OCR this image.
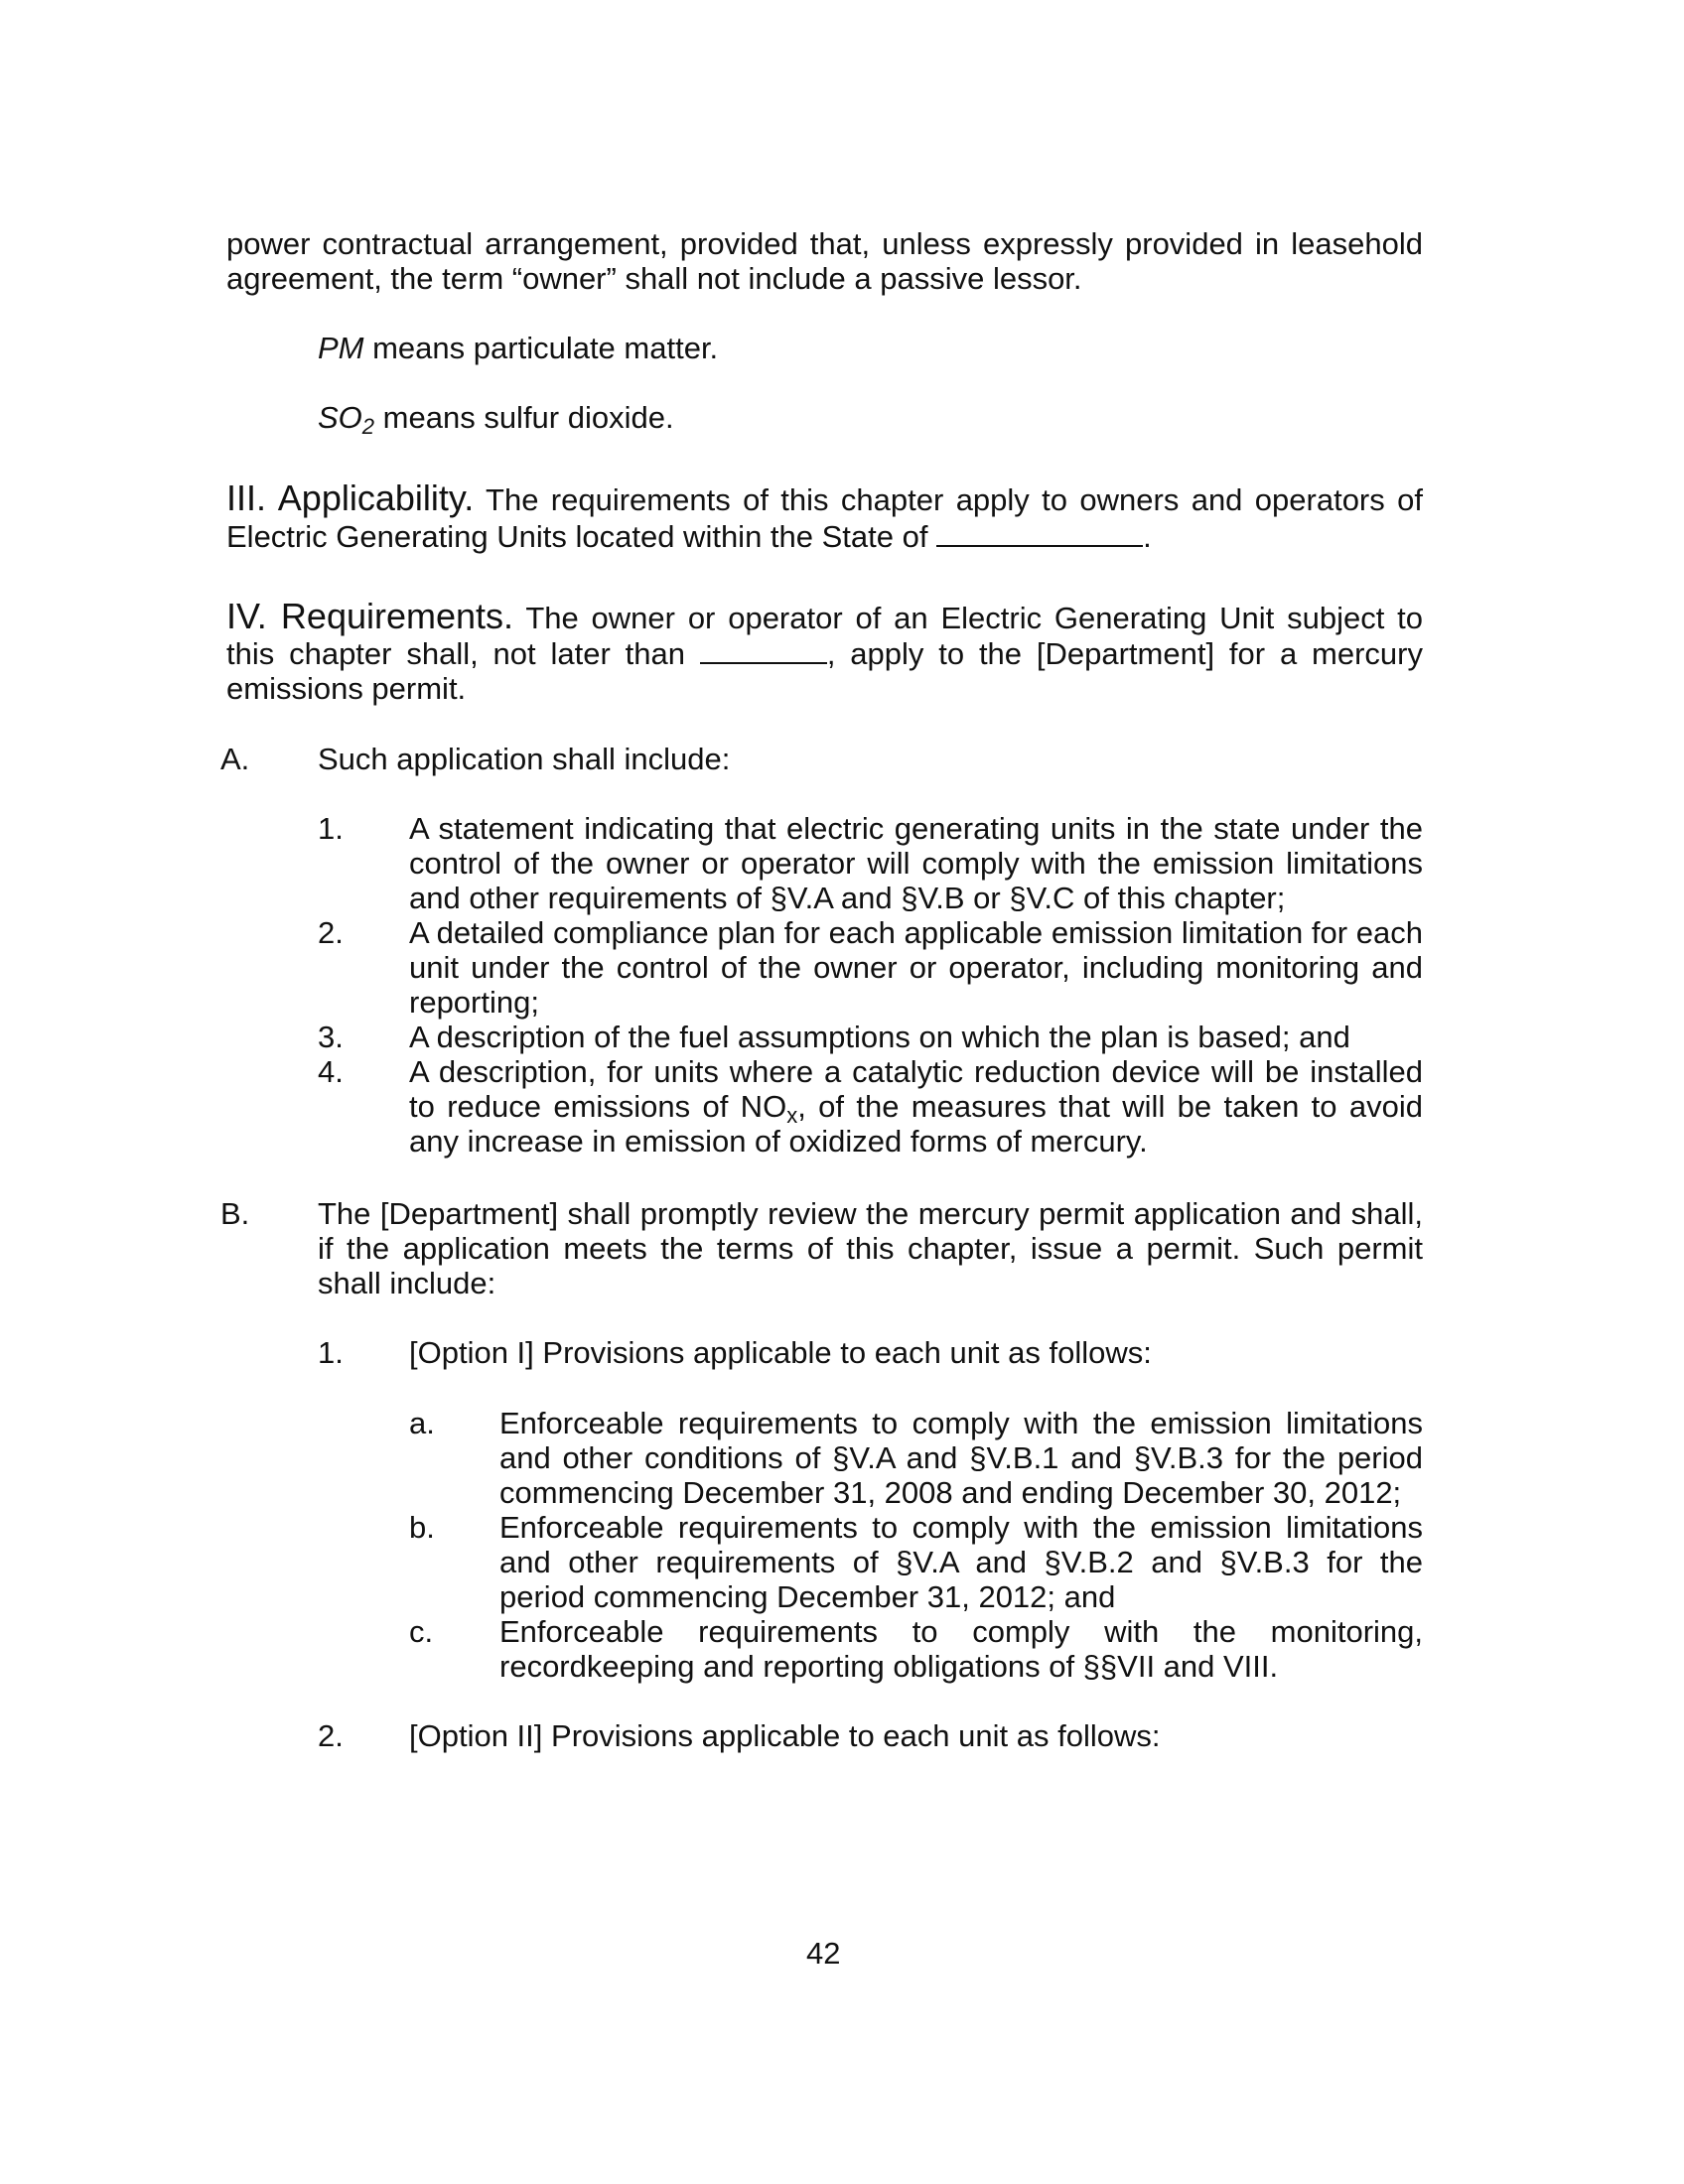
power contractual arrangement, provided that, unless expressly provided in leasehold
agreement, the term “owner” shall not include a passive lessor.
PM means particulate matter.
$SO_2$ means sulfur dioxide.
III. Applicability. The requirements of this chapter apply to owners and operators of
Electric Generating Units located within the State of	.
IV. Requirements. The owner or operator of an Electric Generating Unit subject to
this chapter shall, not later than	, apply to the [Department] for a mercury
emissions permit.
A. Such application shall include:
1. A statement indicating that electric generating units in the state under the
control of the owner or operator will comply with the emission limitations
and other requirements of §V.A and §V.B or §V.C of this chapter;
2. A detailed compliance plan for each applicable emission limitation for each
unit under the control of the owner or operator, including monitoring and
reporting;
3. A description of the fuel assumptions on which the plan is based; and
4. A description, for units where a catalytic reduction device will be installed
to reduce emissions of $NO_x$, of the measures that will be taken to avoid
any increase in emission of oxidized forms of mercury.
B. The [Department] shall promptly review the mercury permit application and shall,
if the application meets the terms of this chapter, issue a permit. Such permit
shall include:
1. [Option I] Provisions applicable to each unit as follows:
a. Enforceable requirements to comply with the emission limitations
and other conditions of §V.A and §V.B.1 and §V.B.3 for the period
commencing December 31, 2008 and ending December 30, 2012;
b. Enforceable requirements to comply with the emission limitations
and other requirements of §V.A and §V.B.2 and §V.B.3 for the
period commencing December 31, 2012; and
c. Enforceable requirements to comply with the monitoring,
recordkeeping and reporting obligations of §§VII and VIII.
2. [Option II] Provisions applicable to each unit as follows:
42
